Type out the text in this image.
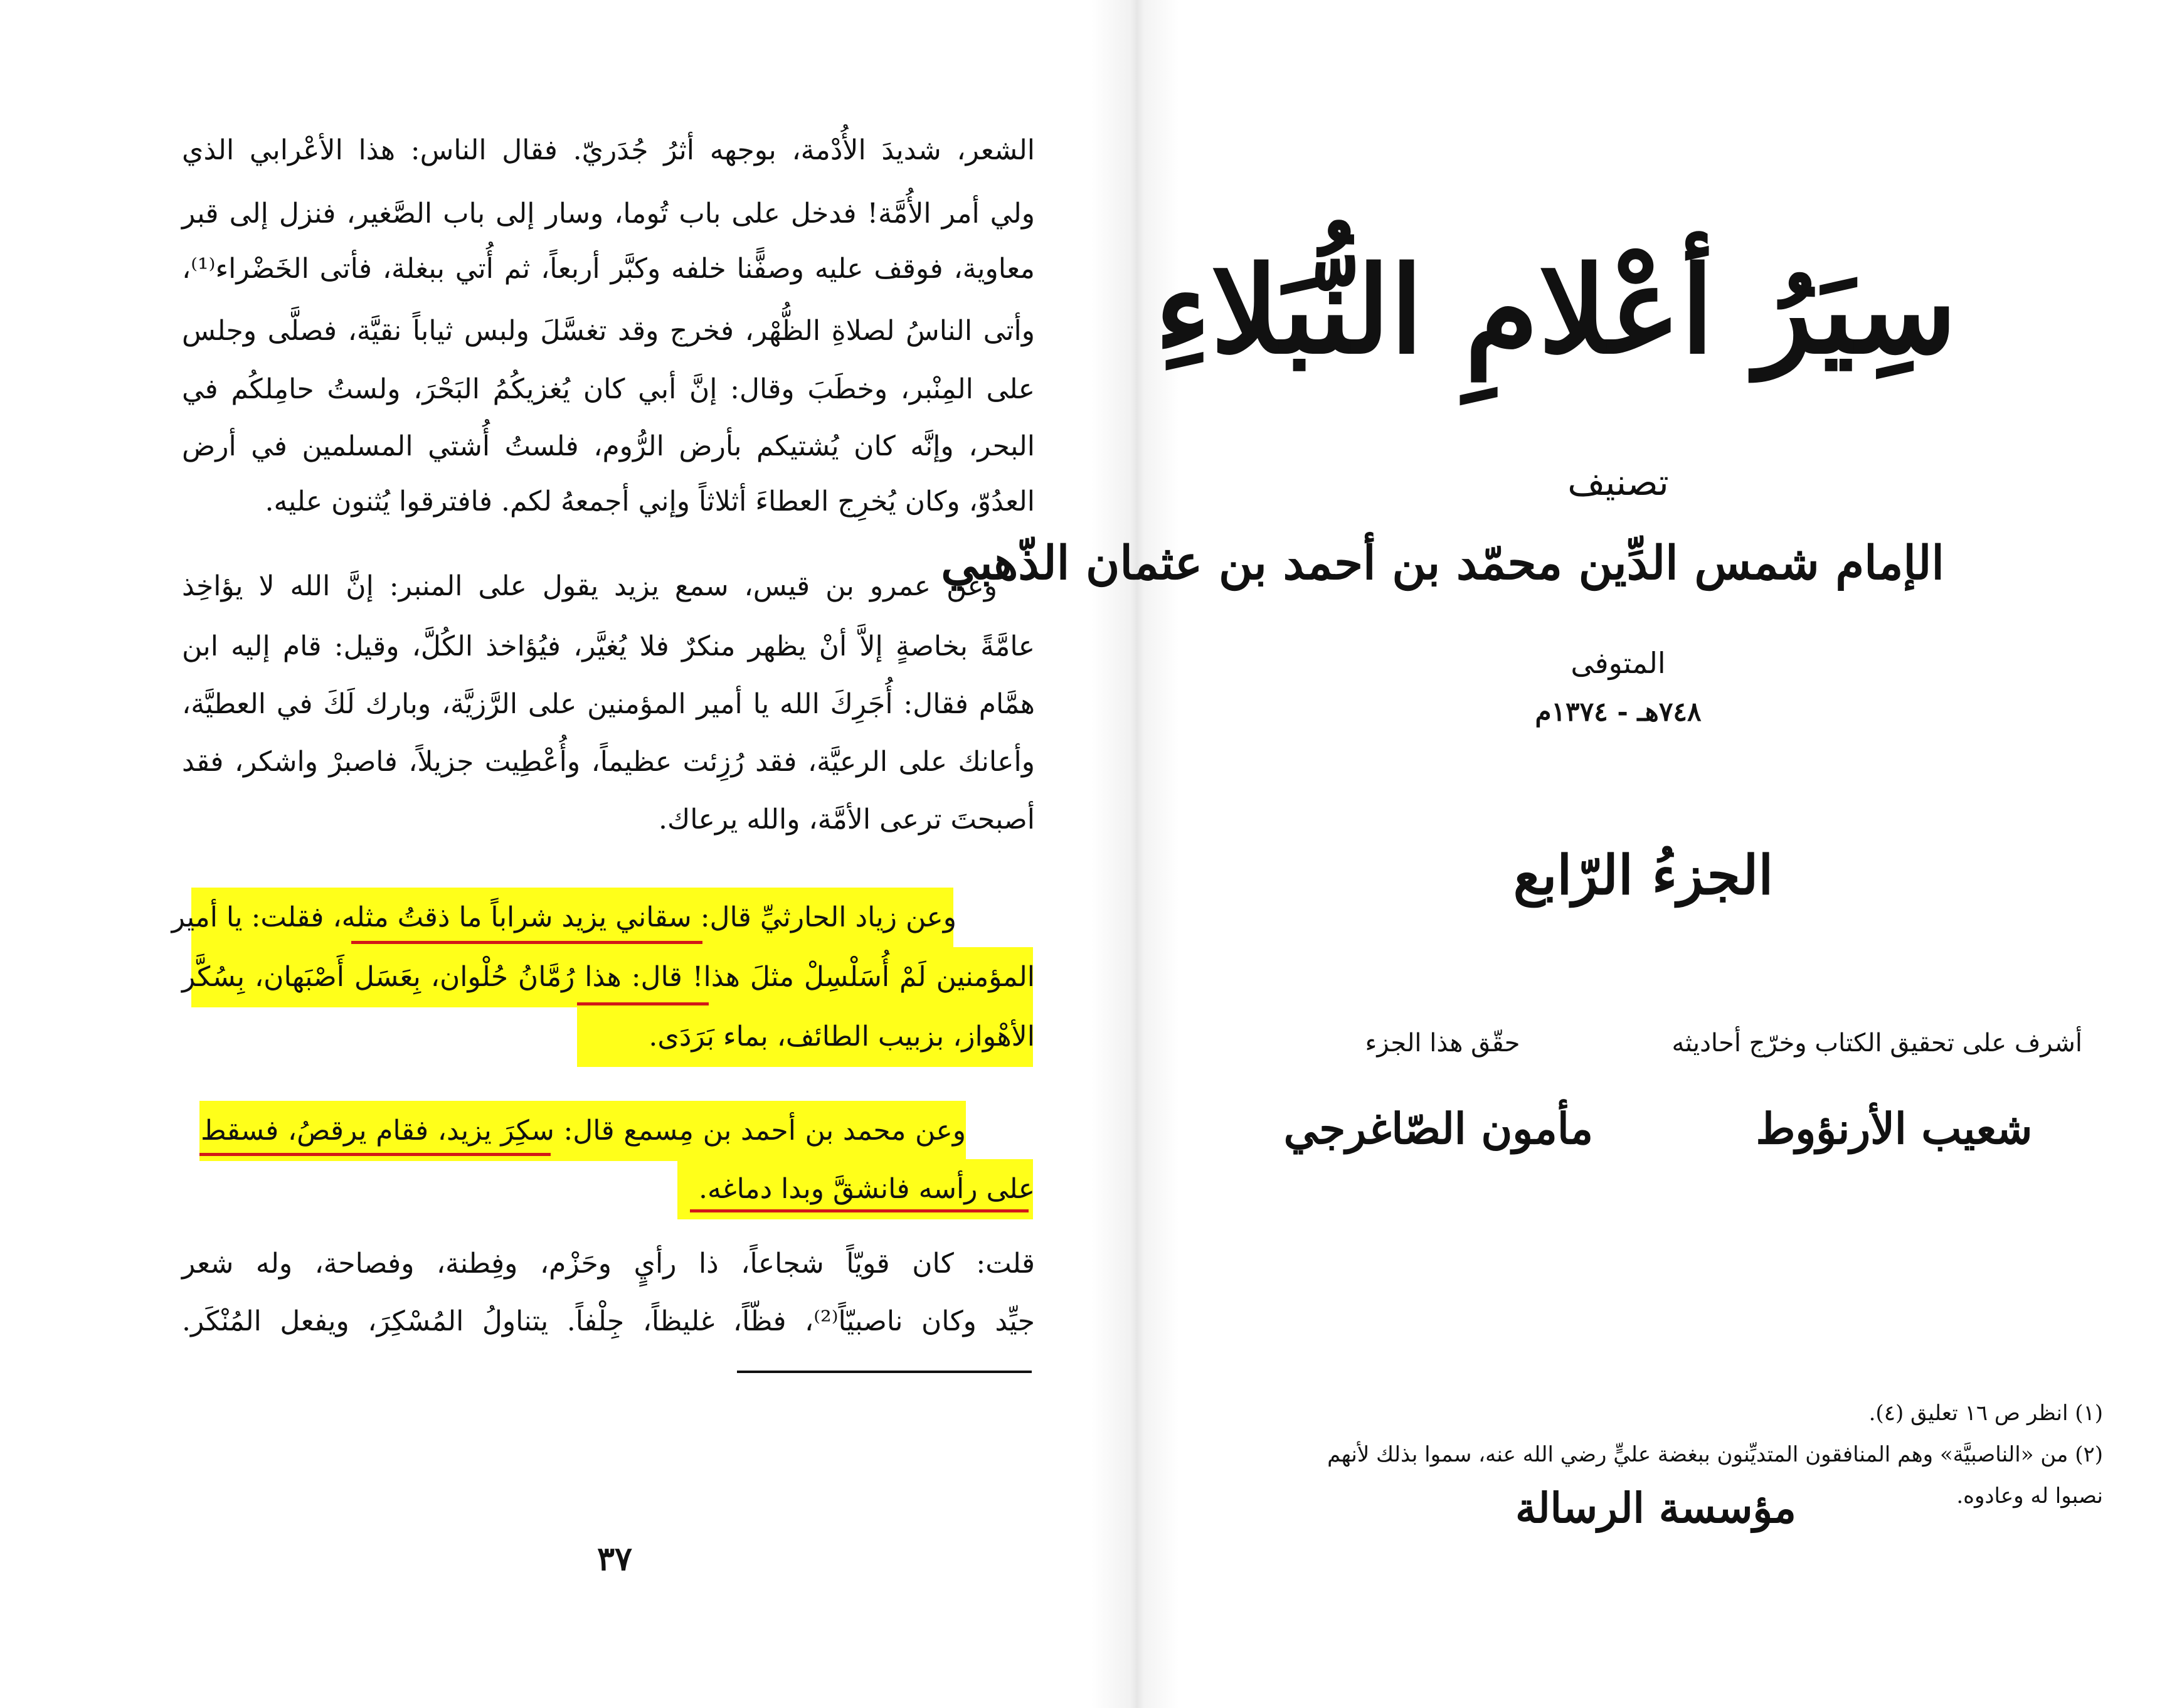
الشعر، شديدَ الأُدْمة، بوجهه أثرُ جُدَريّ. فقال الناس: هذا الأعْرابي الذي
ولي أمر الأُمَّة! فدخل على باب تُوما، وسار إلى باب الصَّغير، فنزل إلى قبر
معاوية، فوقف عليه وصفًّنا خلفه وكبَّر أربعاً، ثم أُتي ببغلة، فأتى الخَضْراء⁽¹⁾،
وأتى الناسُ لصلاةِ الظُّهْر، فخرج وقد تغسَّلَ ولبس ثياباً نقيَّة، فصلَّى وجلس
على المِنْبر، وخطَبَ وقال: إنَّ أبي كان يُغزيكُمُ البَحْرَ، ولستُ حامِلكُم في
البحر، وإنَّه كان يُشتيكم بأرض الرُّوم، فلستُ أُشتي المسلمين في أرض
العدُوّ، وكان يُخرِج العطاءَ أثلاثاً وإني أجمعهُ لكم. فافترقوا يُثنون عليه.
وعن عمرو بن قيس، سمع يزيد يقول على المنبر: إنَّ الله لا يؤاخِذ
عامَّةً بخاصةٍ إلاَّ أنْ يظهر منكرٌ فلا يُغيَّر، فيُؤاخذ الكُلَّ، وقيل: قام إليه ابن
همَّام فقال: أُجَرِكَ الله يا أمير المؤمنين على الرَّزيَّة، وبارك لَكَ في العطيَّة،
وأعانك على الرعيَّة، فقد رُزِئت عظيماً، وأُعْطِيت جزيلاً، فاصبرْ واشكر، فقد
أصبحتَ ترعى الأمَّة، والله يرعاك.
وعن زياد الحارثيِّ قال: سقاني يزيد شراباً ما ذقتُ مثله، فقلت: يا أمير
المؤمنين لَمْ أُسَلْسِلْ مثلَ هذا! قال: هذا رُمَّانُ حُلْوان، بِعَسَل أَصْبَهان، بِسُكَّر
الأهْواز، بزبيب الطائف، بماء بَرَدَى.
وعن محمد بن أحمد بن مِسمع قال: سكِرَ يزيد، فقام يرقصُ، فسقط
على رأسه فانشقَّ وبدا دماغه.
قلت: كان قويّاً شجاعاً، ذا رأيٍ وحَزْم، وفِطنة، وفصاحة، وله شعر
جيِّد وكان ناصبيّاً⁽²⁾، فظّاً، غليظاً، جِلْفاً. يتناولُ المُسْكِرَ، ويفعل المُنْكَر.
(١) انظر ص ١٦ تعليق (٤).
(٢) من «الناصبيَّة» وهم المنافقون المتديِّنون ببغضة عليٍّ رضي الله عنه، سموا بذلك لأنهم
نصبوا له وعادوه.
٣٧
سِيَرُ أعْلامِ النُّبَلاءِ
تصنيف
الإمام شمس الدِّين محمّد بن أحمد بن عثمان الذّهبي
المتوفى
٧٤٨هـ - ١٣٧٤م
الجزءُ الرّابع
أشرف على تحقيق الكتاب وخرّج أحاديثه
شعيب الأرنؤوط
حقّق هذا الجزء
مأمون الصّاغرجي
مؤسسة الرسالة
